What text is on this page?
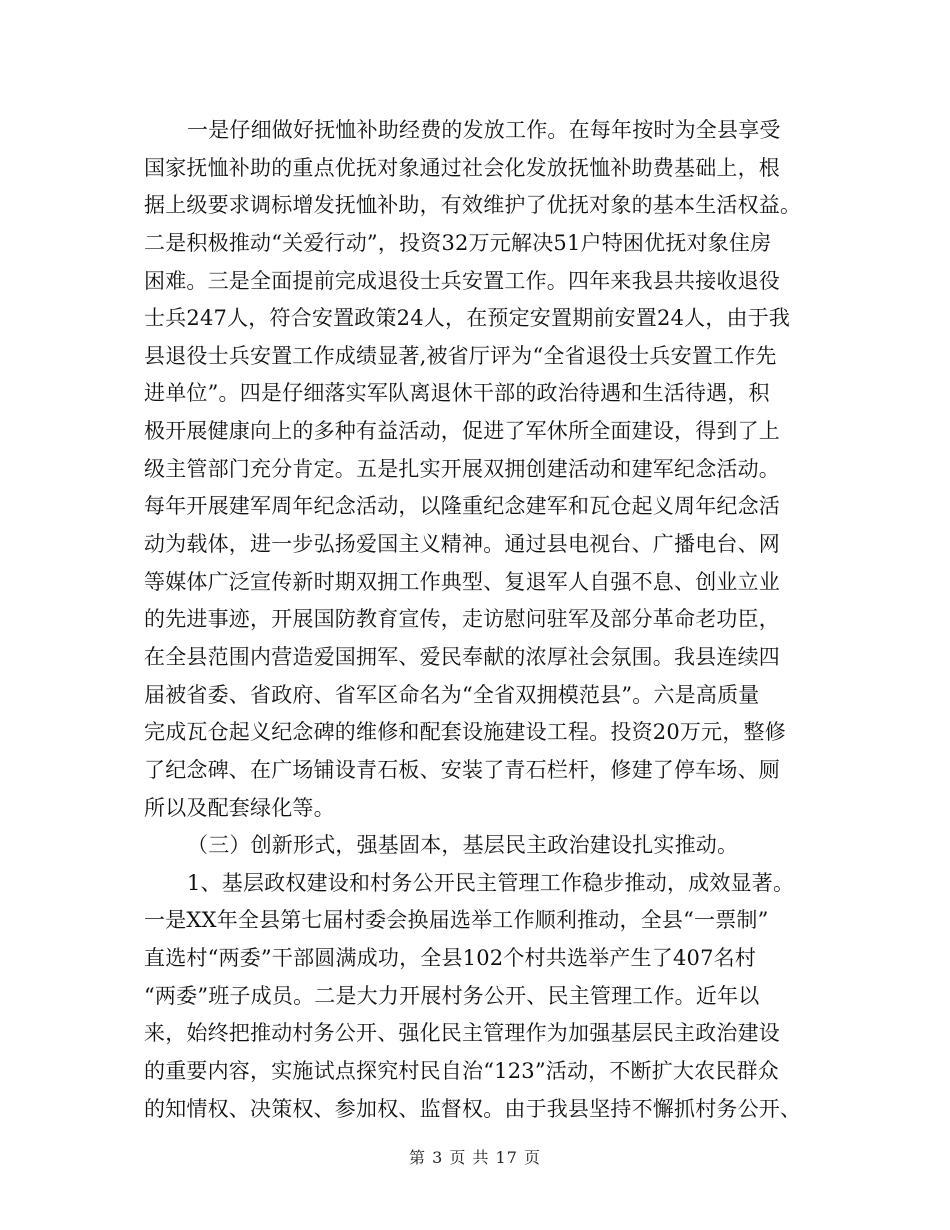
一是仔细做好抚恤补助经费的发放工作。在每年按时为全县享受
国家抚恤补助的重点优抚对象通过社会化发放抚恤补助费基础上，根
据上级要求调标增发抚恤补助，有效维护了优抚对象的基本生活权益。
二是积极推动“关爱行动”，投资32万元解决51户特困优抚对象住房
困难。三是全面提前完成退役士兵安置工作。四年来我县共接收退役
士兵247人，符合安置政策24人，在预定安置期前安置24人，由于我
县退役士兵安置工作成绩显著,被省厅评为“全省退役士兵安置工作先
进单位”。四是仔细落实军队离退休干部的政治待遇和生活待遇，积
极开展健康向上的多种有益活动，促进了军休所全面建设，得到了上
级主管部门充分肯定。五是扎实开展双拥创建活动和建军纪念活动。
每年开展建军周年纪念活动，以隆重纪念建军和瓦仓起义周年纪念活
动为载体，进一步弘扬爱国主义精神。通过县电视台、广播电台、网
等媒体广泛宣传新时期双拥工作典型、复退军人自强不息、创业立业
的先进事迹，开展国防教育宣传，走访慰问驻军及部分革命老功臣，
在全县范围内营造爱国拥军、爱民奉献的浓厚社会氛围。我县连续四
届被省委、省政府、省军区命名为“全省双拥模范县”。六是高质量
完成瓦仓起义纪念碑的维修和配套设施建设工程。投资20万元，整修
了纪念碑、在广场铺设青石板、安装了青石栏杆，修建了停车场、厕
所以及配套绿化等。
（三）创新形式，强基固本，基层民主政治建设扎实推动。
1、基层政权建设和村务公开民主管理工作稳步推动，成效显著。
一是XX年全县第七届村委会换届选举工作顺利推动，全县“一票制”
直选村“两委”干部圆满成功，全县102个村共选举产生了407名村
“两委”班子成员。二是大力开展村务公开、民主管理工作。近年以
来，始终把推动村务公开、强化民主管理作为加强基层民主政治建设
的重要内容，实施试点探究村民自治“123”活动，不断扩大农民群众
的知情权、决策权、参加权、监督权。由于我县坚持不懈抓村务公开、
第 3 页 共 17 页
